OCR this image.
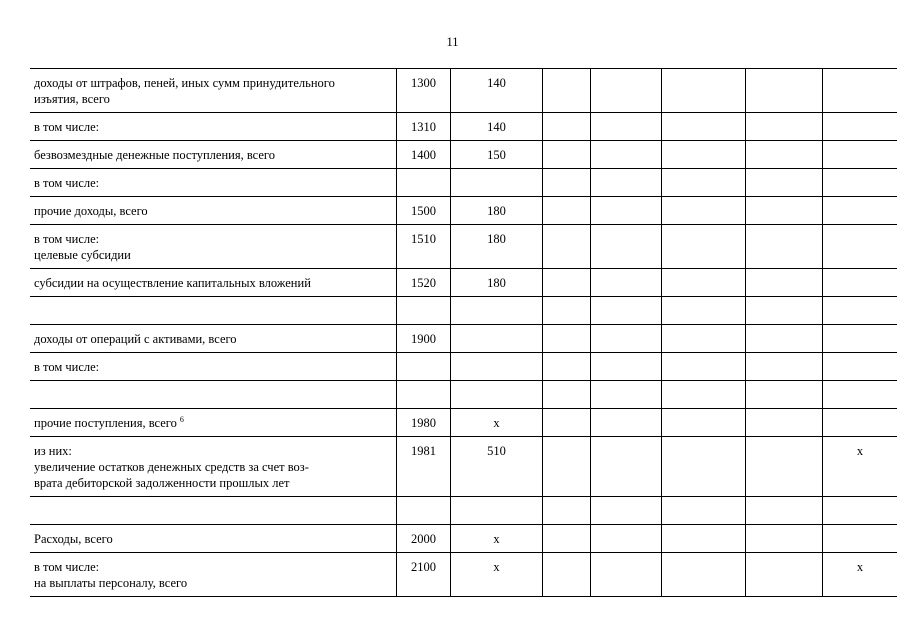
11
доходы от штрафов, пеней, иных сумм принудительного
изъятия, всего	1300	140					

в том числе:	1310	140					

безвозмездные денежные поступления, всего	1400	150					

в том числе:							

прочие доходы, всего	1500	180					

в том числе:
целевые субсидии	1510	180					

субсидии на осуществление капитальных вложений	1520	180					

доходы от операций с активами, всего	1900						

в том числе:							

прочие поступления, всего $^6$	1980	x					

из них:
увеличение остатков денежных средств за счет воз-
врата дебиторской задолженности прошлых лет	1981	510					x

Расходы, всего	2000	x					

в том числе:
на выплаты персоналу, всего	2100	x					x
